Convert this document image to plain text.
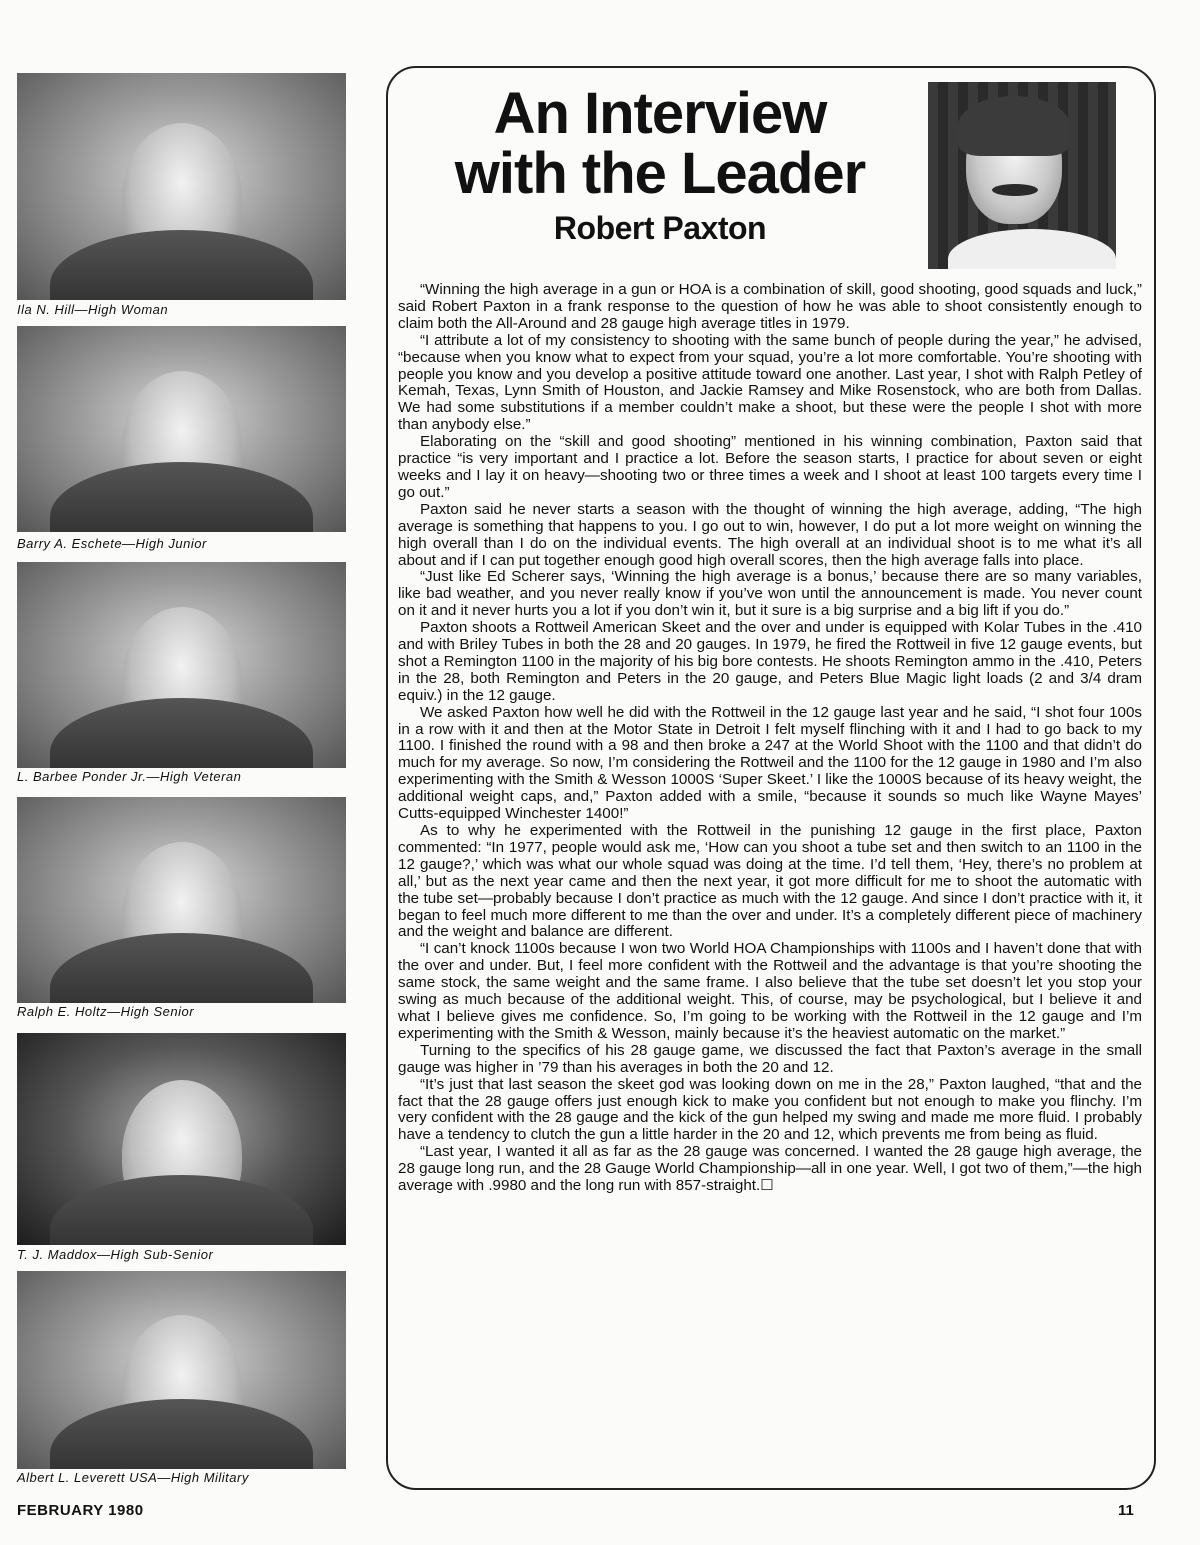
Ila N. Hill—High Woman
Barry A. Eschete—High Junior
L. Barbee Ponder Jr.—High Veteran
Ralph E. Holtz—High Senior
T. J. Maddox—High Sub-Senior
Albert L. Leverett USA—High Military
An Interview
with the Leader
Robert Paxton

“Winning the high average in a gun or HOA is a combination of skill, good shooting, good squads and luck,” said Robert Paxton in a frank response to the question of how he was able to shoot consistently enough to claim both the All-Around and 28 gauge high average titles in 1979.

“I attribute a lot of my consistency to shooting with the same bunch of people during the year,” he advised, “because when you know what to expect from your squad, you’re a lot more comfortable. You’re shooting with people you know and you develop a positive attitude toward one another. Last year, I shot with Ralph Petley of Kemah, Texas, Lynn Smith of Houston, and Jackie Ramsey and Mike Rosenstock, who are both from Dallas. We had some substitutions if a member couldn’t make a shoot, but these were the people I shot with more than anybody else.”

Elaborating on the “skill and good shooting” mentioned in his winning combination, Paxton said that practice “is very important and I practice a lot. Before the season starts, I practice for about seven or eight weeks and I lay it on heavy—shooting two or three times a week and I shoot at least 100 targets every time I go out.”

Paxton said he never starts a season with the thought of winning the high average, adding, “The high average is something that happens to you. I go out to win, however, I do put a lot more weight on winning the high overall than I do on the individual events. The high overall at an individual shoot is to me what it’s all about and if I can put together enough good high overall scores, then the high average falls into place.

“Just like Ed Scherer says, ‘Winning the high average is a bonus,’ because there are so many variables, like bad weather, and you never really know if you’ve won until the announcement is made. You never count on it and it never hurts you a lot if you don’t win it, but it sure is a big surprise and a big lift if you do.”

Paxton shoots a Rottweil American Skeet and the over and under is equipped with Kolar Tubes in the .410 and with Briley Tubes in both the 28 and 20 gauges. In 1979, he fired the Rottweil in five 12 gauge events, but shot a Remington 1100 in the majority of his big bore contests. He shoots Remington ammo in the .410, Peters in the 28, both Remington and Peters in the 20 gauge, and Peters Blue Magic light loads (2 and 3/4 dram equiv.) in the 12 gauge.

We asked Paxton how well he did with the Rottweil in the 12 gauge last year and he said, “I shot four 100s in a row with it and then at the Motor State in Detroit I felt myself flinching with it and I had to go back to my 1100. I finished the round with a 98 and then broke a 247 at the World Shoot with the 1100 and that didn’t do much for my average. So now, I’m considering the Rottweil and the 1100 for the 12 gauge in 1980 and I’m also experimenting with the Smith & Wesson 1000S ‘Super Skeet.’ I like the 1000S because of its heavy weight, the additional weight caps, and,” Paxton added with a smile, “because it sounds so much like Wayne Mayes’ Cutts-equipped Winchester 1400!”

As to why he experimented with the Rottweil in the punishing 12 gauge in the first place, Paxton commented: “In 1977, people would ask me, ‘How can you shoot a tube set and then switch to an 1100 in the 12 gauge?,’ which was what our whole squad was doing at the time. I’d tell them, ‘Hey, there’s no problem at all,’ but as the next year came and then the next year, it got more difficult for me to shoot the automatic with the tube set—probably because I don’t practice as much with the 12 gauge. And since I don’t practice with it, it began to feel much more different to me than the over and under. It’s a completely different piece of machinery and the weight and balance are different.

“I can’t knock 1100s because I won two World HOA Championships with 1100s and I haven’t done that with the over and under. But, I feel more confident with the Rottweil and the advantage is that you’re shooting the same stock, the same weight and the same frame. I also believe that the tube set doesn’t let you stop your swing as much because of the additional weight. This, of course, may be psychological, but I believe it and what I believe gives me confidence. So, I’m going to be working with the Rottweil in the 12 gauge and I’m experimenting with the Smith & Wesson, mainly because it’s the heaviest automatic on the market.”

Turning to the specifics of his 28 gauge game, we discussed the fact that Paxton’s average in the small gauge was higher in ’79 than his averages in both the 20 and 12.

“It’s just that last season the skeet god was looking down on me in the 28,” Paxton laughed, “that and the fact that the 28 gauge offers just enough kick to make you confident but not enough to make you flinchy. I’m very confident with the 28 gauge and the kick of the gun helped my swing and made me more fluid. I probably have a tendency to clutch the gun a little harder in the 20 and 12, which prevents me from being as fluid.

“Last year, I wanted it all as far as the 28 gauge was concerned. I wanted the 28 gauge high average, the 28 gauge long run, and the 28 Gauge World Championship—all in one year. Well, I got two of them,”—the high average with .9980 and the long run with 857-straight.☐

FEBRUARY 1980	11
